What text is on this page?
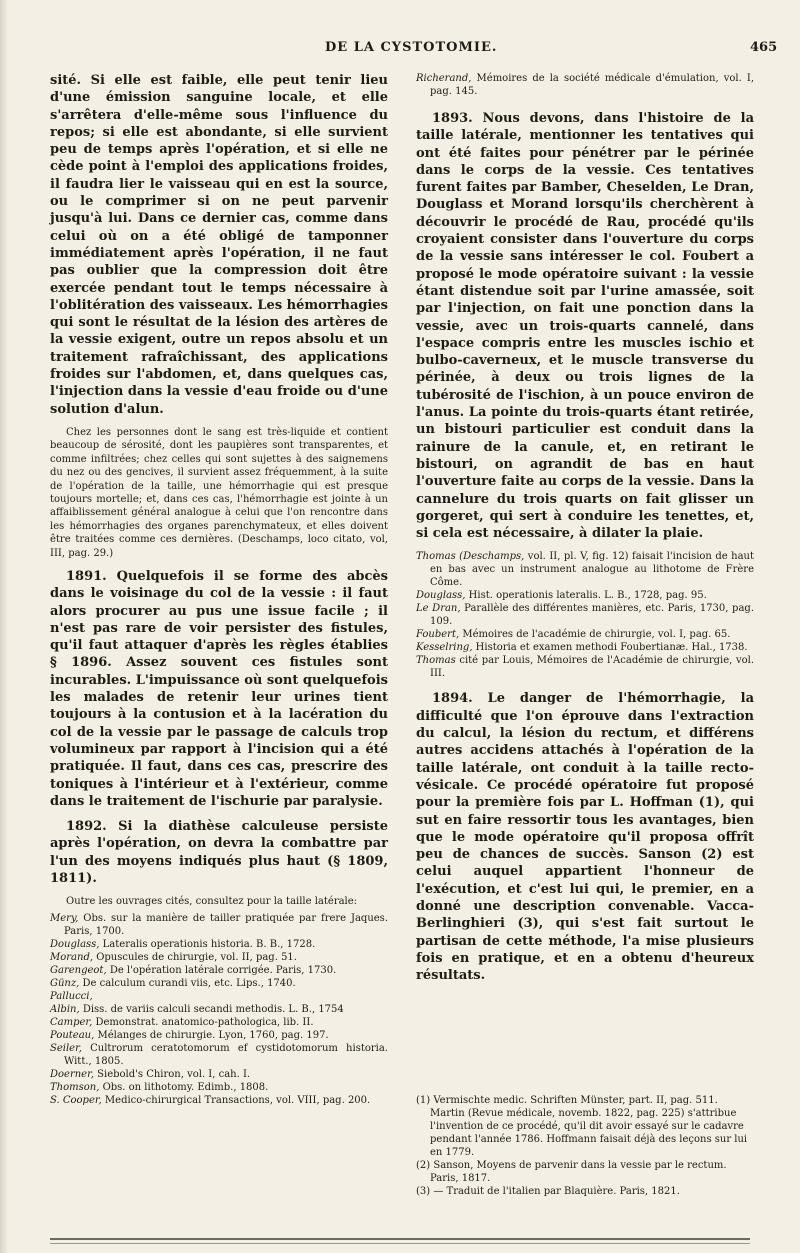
DE LA CYSTOTOMIE.	465

sité. Si elle est faible, elle peut tenir lieu d'une émission sanguine locale, et elle s'arrêtera d'elle-même sous l'influence du repos; si elle est abondante, si elle survient peu de temps après l'opération, et si elle ne cède point à l'emploi des applications froides, il faudra lier le vaisseau qui en est la source, ou le comprimer si on ne peut parvenir jusqu'à lui. Dans ce dernier cas, comme dans celui où on a été obligé de tamponner immédiatement après l'opération, il ne faut pas oublier que la compression doit être exercée pendant tout le temps nécessaire à l'oblitération des vaisseaux. Les hémorrhagies qui sont le résultat de la lésion des artères de la vessie exigent, outre un repos absolu et un traitement rafraîchissant, des applications froides sur l'abdomen, et, dans quelques cas, l'injection dans la vessie d'eau froide ou d'une solution d'alun.

Chez les personnes dont le sang est très-liquide et contient beaucoup de sérosité, dont les paupières sont transparentes, et comme infiltrées; chez celles qui sont sujettes à des saignemens du nez ou des gencives, il survient assez fréquemment, à la suite de l'opération de la taille, une hémorrhagie qui est presque toujours mortelle; et, dans ces cas, l'hémorrhagie est jointe à un affaiblissement général analogue à celui que l'on rencontre dans les hémorrhagies des organes parenchymateux, et elles doivent être traitées comme ces dernières. (Deschamps, loco citato, vol, III, pag. 29.)

1891. Quelquefois il se forme des abcès dans le voisinage du col de la vessie : il faut alors procurer au pus une issue facile ; il n'est pas rare de voir persister des fistules, qu'il faut attaquer d'après les règles établies § 1896. Assez souvent ces fistules sont incurables. L'impuissance où sont quelquefois les malades de retenir leur urines tient toujours à la contusion et à la lacération du col de la vessie par le passage de calculs trop volumineux par rapport à l'incision qui a été pratiquée. Il faut, dans ces cas, prescrire des toniques à l'intérieur et à l'extérieur, comme dans le traitement de l'ischurie par paralysie.

1892. Si la diathèse calculeuse persiste après l'opération, on devra la combattre par l'un des moyens indiqués plus haut (§ 1809, 1811).

Outre les ouvrages cités, consultez pour la taille latérale:

Mery, Obs. sur la manière de tailler pratiquée par frere Jaques. Paris, 1700.

Douglass, Lateralis operationis historia. B. B., 1728.

Morand, Opuscules de chirurgie, vol. II, pag. 51.

Garengeot, De l'opération latérale corrigée. Paris, 1730.

Günz, De calculum curandi viis, etc. Lips., 1740.

Pallucci,

Albin, Diss. de variis calculi secandi methodis. L. B., 1754

Camper, Demonstrat. anatomico-pathologica, lib. II.

Pouteau, Mélanges de chirurgie. Lyon, 1760, pag. 197.

Seiler, Cultrorum ceratotomorum ef cystidotomorum historia. Witt., 1805.

Doerner, Siebold's Chiron, vol. I, cah. I.

Thomson, Obs. on lithotomy. Edimb., 1808.

S. Cooper, Medico-chirurgical Transactions, vol. VIII, pag. 200.

Richerand, Mémoires de la société médicale d'émulation, vol. I, pag. 145.

1893. Nous devons, dans l'histoire de la taille latérale, mentionner les tentatives qui ont été faites pour pénétrer par le périnée dans le corps de la vessie. Ces tentatives furent faites par Bamber, Cheselden, Le Dran, Douglass et Morand lorsqu'ils cherchèrent à découvrir le procédé de Rau, procédé qu'ils croyaient consister dans l'ouverture du corps de la vessie sans intéresser le col. Foubert a proposé le mode opératoire suivant : la vessie étant distendue soit par l'urine amassée, soit par l'injection, on fait une ponction dans la vessie, avec un trois-quarts cannelé, dans l'espace compris entre les muscles ischio et bulbo-caverneux, et le muscle transverse du périnée, à deux ou trois lignes de la tubérosité de l'ischion, à un pouce environ de l'anus. La pointe du trois-quarts étant retirée, un bistouri particulier est conduit dans la rainure de la canule, et, en retirant le bistouri, on agrandit de bas en haut l'ouverture faite au corps de la vessie. Dans la cannelure du trois quarts on fait glisser un gorgeret, qui sert à conduire les tenettes, et, si cela est nécessaire, à dilater la plaie.

Thomas (Deschamps, vol. II, pl. V, fig. 12) faisait l'incision de haut en bas avec un instrument analogue au lithotome de Frère Côme.

Douglass, Hist. operationis lateralis. L. B., 1728, pag. 95.

Le Dran, Parallèle des différentes manières, etc. Paris, 1730, pag. 109.

Foubert, Mémoires de l'académie de chirurgie, vol. I, pag. 65.

Kesselring, Historia et examen methodi Foubertianæ. Hal., 1738.

Thomas cité par Louis, Mémoires de l'Académie de chirurgie, vol. III.

1894. Le danger de l'hémorrhagie, la difficulté que l'on éprouve dans l'extraction du calcul, la lésion du rectum, et différens autres accidens attachés à l'opération de la taille latérale, ont conduit à la taille recto-vésicale. Ce procédé opératoire fut proposé pour la première fois par L. Hoffman (1), qui sut en faire ressortir tous les avantages, bien que le mode opératoire qu'il proposa offrît peu de chances de succès. Sanson (2) est celui auquel appartient l'honneur de l'exécution, et c'est lui qui, le premier, en a donné une description convenable. Vacca-Berlinghieri (3), qui s'est fait surtout le partisan de cette méthode, l'a mise plusieurs fois en pratique, et en a obtenu d'heureux résultats.

(1) Vermischte medic. Schriften Münster, part. II, pag. 511. Martin (Revue médicale, novemb. 1822, pag. 225) s'attribue l'invention de ce procédé, qu'il dit avoir essayé sur le cadavre pendant l'année 1786. Hoffmann faisait déjà des leçons sur lui en 1779.

(2) Sanson, Moyens de parvenir dans la vessie par le rectum. Paris, 1817.

(3) — Traduit de l'italien par Blaquière. Paris, 1821.
